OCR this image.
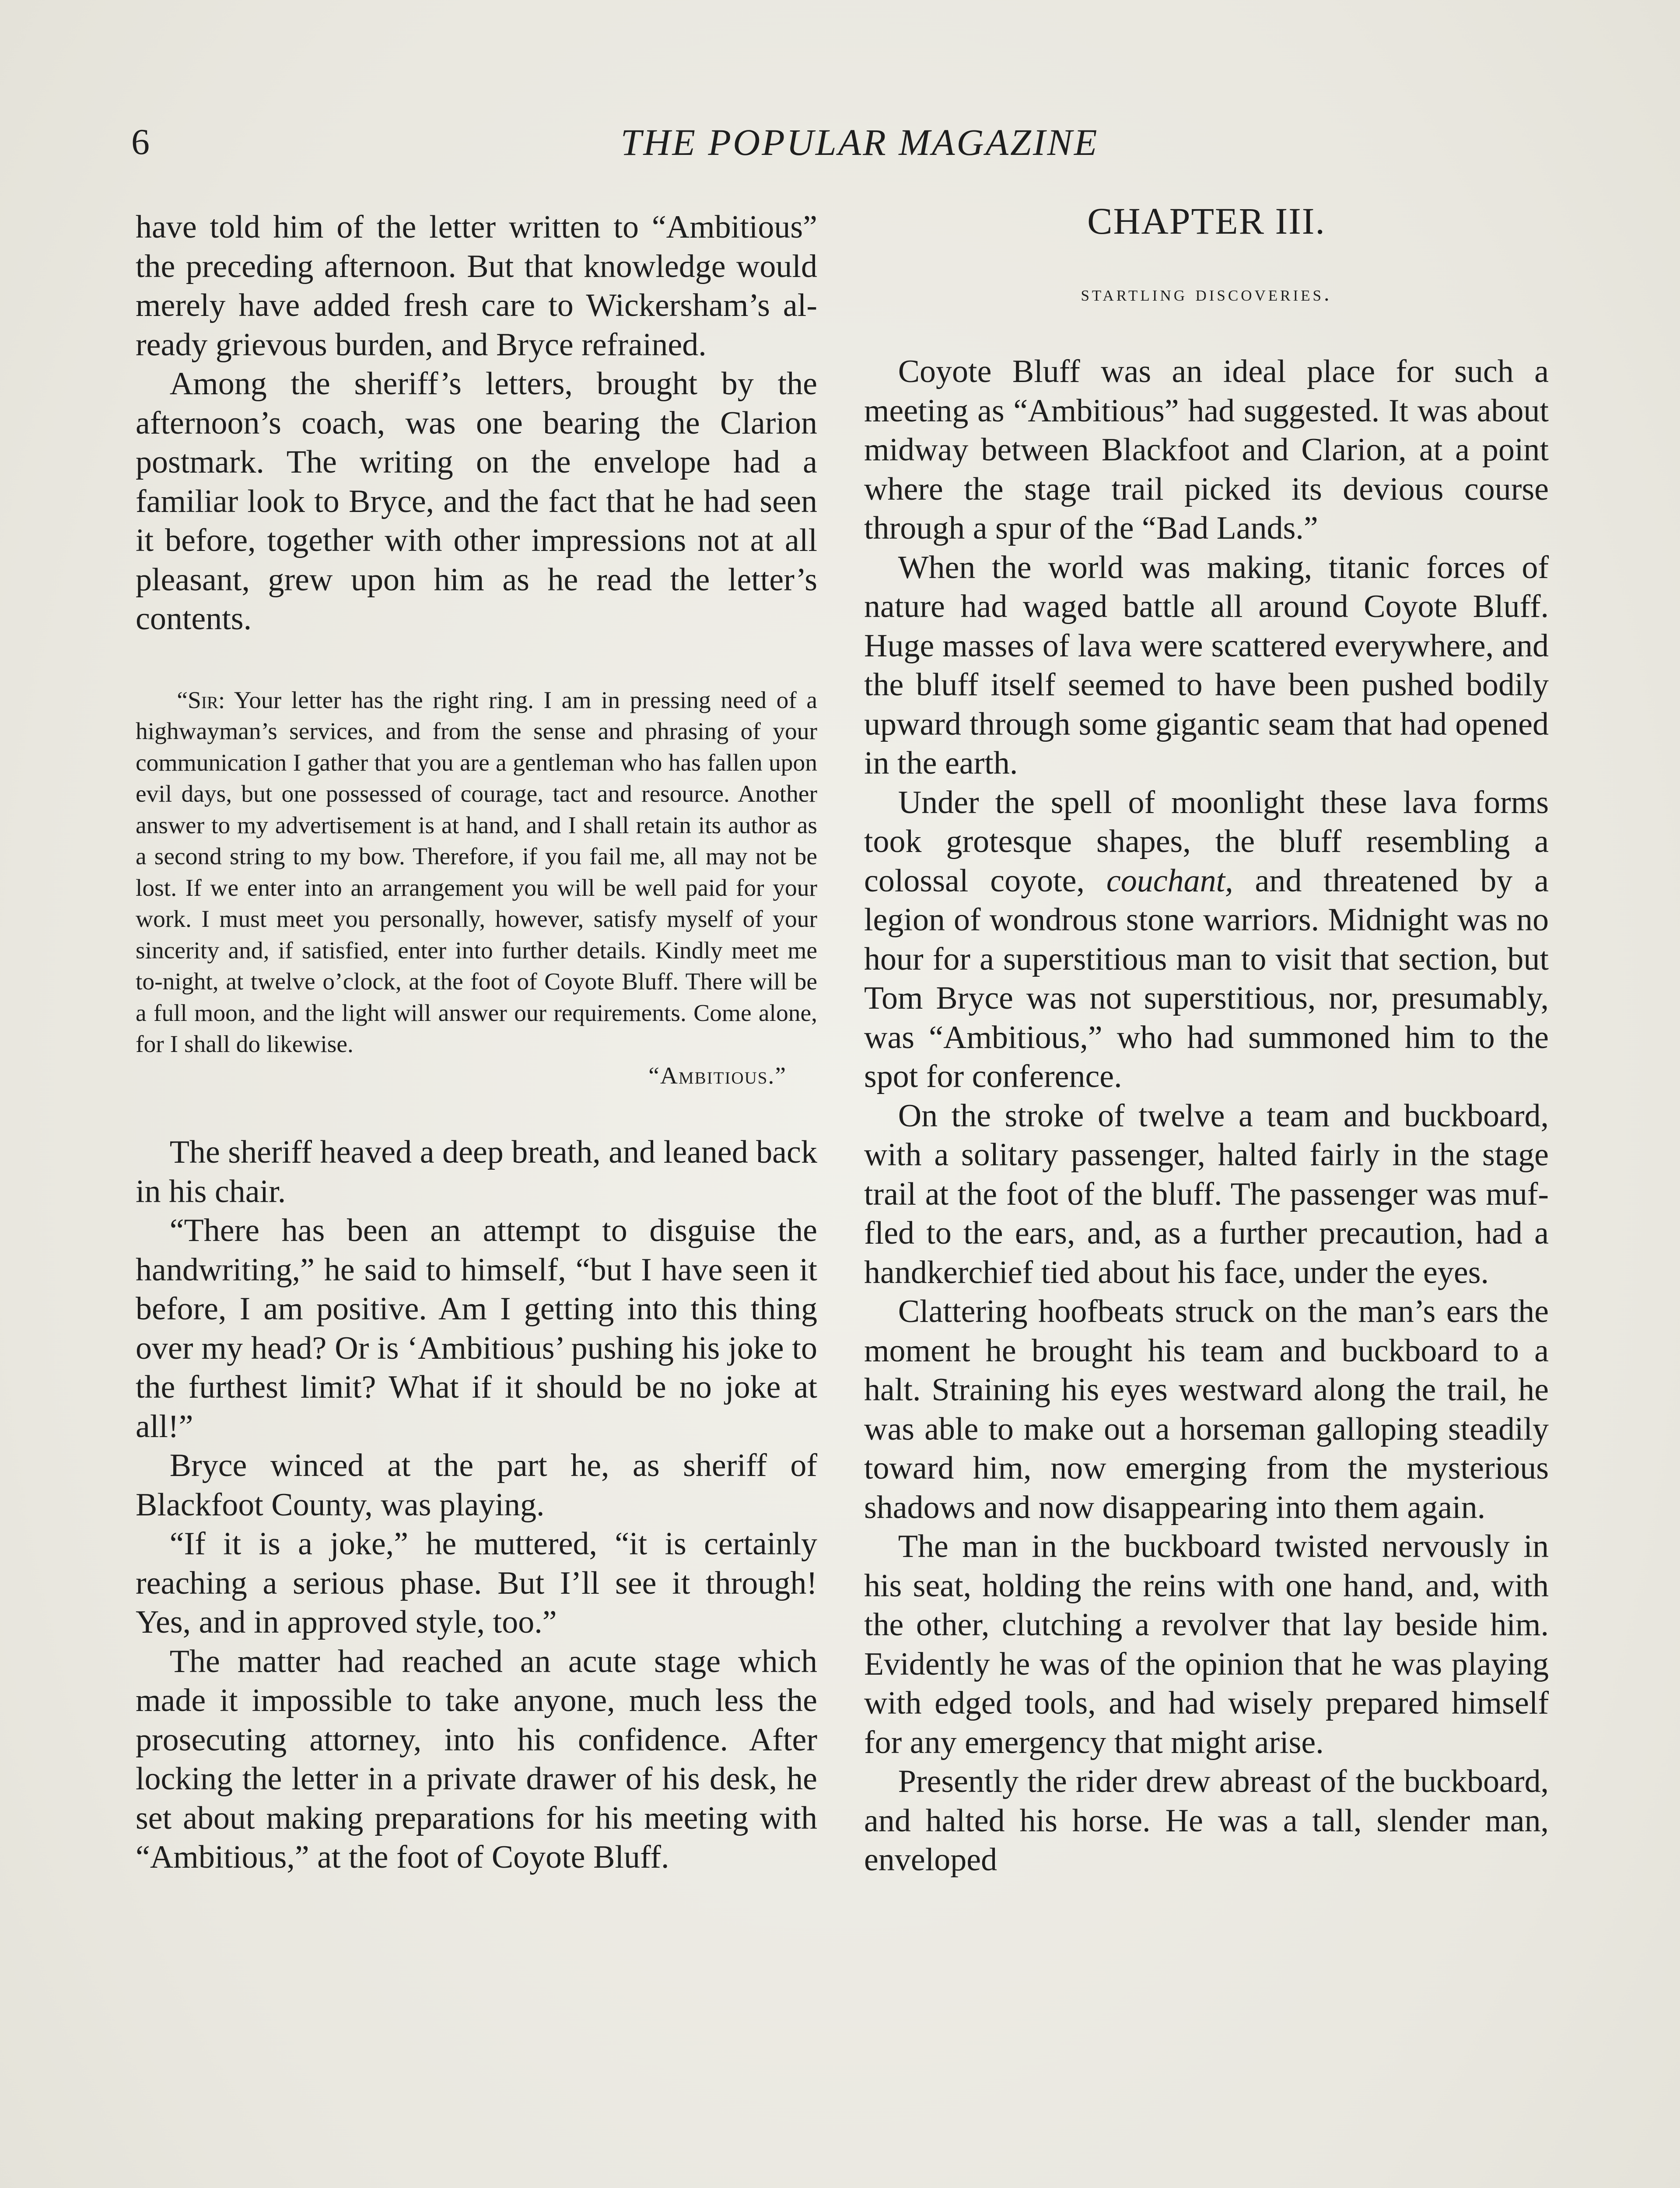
6	THE POPULAR MAGAZINE

have told him of the letter written to “Ambitious” the preceding afternoon. But that knowledge would merely have added fresh care to Wickersham’s already grievous burden, and Bryce refrained.

Among the sheriff’s letters, brought by the afternoon’s coach, was one bearing the Clarion postmark. The writing on the envelope had a familiar look to Bryce, and the fact that he had seen it before, together with other impressions not at all pleasant, grew upon him as he read the letter’s contents.

“Sir: Your letter has the right ring. I am in pressing need of a highwayman’s services, and from the sense and phrasing of your communication I gather that you are a gentleman who has fallen upon evil days, but one possessed of courage, tact and resource. Another answer to my advertisement is at hand, and I shall retain its author as a second string to my bow. Therefore, if you fail me, all may not be lost. If we enter into an arrangement you will be well paid for your work. I must meet you personally, however, satisfy myself of your sincerity and, if satisfied, enter into further details. Kindly meet me to-night, at twelve o’clock, at the foot of Coyote Bluff. There will be a full moon, and the light will answer our requirements. Come alone, for I shall do likewise.

“Ambitious.”

The sheriff heaved a deep breath, and leaned back in his chair.

“There has been an attempt to disguise the handwriting,” he said to himself, “but I have seen it before, I am positive. Am I getting into this thing over my head? Or is ‘Ambitious’ pushing his joke to the furthest limit? What if it should be no joke at all!”

Bryce winced at the part he, as sheriff of Blackfoot County, was playing.

“If it is a joke,” he muttered, “it is certainly reaching a serious phase. But I’ll see it through! Yes, and in approved style, too.”

The matter had reached an acute stage which made it impossible to take anyone, much less the prosecuting attorney, into his confidence. After locking the letter in a private drawer of his desk, he set about making preparations for his meeting with “Ambitious,” at the foot of Coyote Bluff.

CHAPTER III.
startling discoveries.

Coyote Bluff was an ideal place for such a meeting as “Ambitious” had suggested. It was about midway between Blackfoot and Clarion, at a point where the stage trail picked its devious course through a spur of the “Bad Lands.”

When the world was making, titanic forces of nature had waged battle all around Coyote Bluff. Huge masses of lava were scattered everywhere, and the bluff itself seemed to have been pushed bodily upward through some gigantic seam that had opened in the earth.

Under the spell of moonlight these lava forms took grotesque shapes, the bluff resembling a colossal coyote, couchant, and threatened by a legion of wondrous stone warriors. Midnight was no hour for a superstitious man to visit that section, but Tom Bryce was not superstitious, nor, presumably, was “Ambitious,” who had summoned him to the spot for conference.

On the stroke of twelve a team and buckboard, with a solitary passenger, halted fairly in the stage trail at the foot of the bluff. The passenger was muffled to the ears, and, as a further precaution, had a handkerchief tied about his face, under the eyes.

Clattering hoofbeats struck on the man’s ears the moment he brought his team and buckboard to a halt. Straining his eyes westward along the trail, he was able to make out a horseman galloping steadily toward him, now emerging from the mysterious shadows and now disappearing into them again.

The man in the buckboard twisted nervously in his seat, holding the reins with one hand, and, with the other, clutching a revolver that lay beside him. Evidently he was of the opinion that he was playing with edged tools, and had wisely prepared himself for any emergency that might arise.

Presently the rider drew abreast of the buckboard, and halted his horse. He was a tall, slender man, enveloped
